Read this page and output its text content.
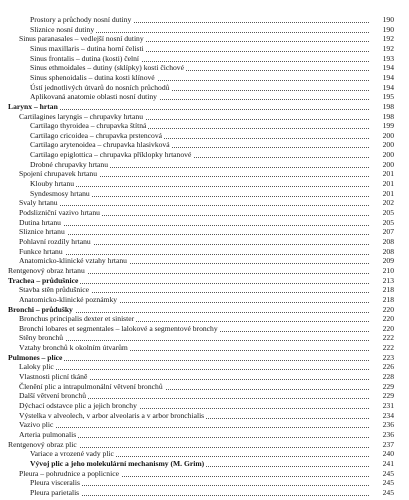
Prostory a průchody nosní dutiny	190
Sliznice nosní dutiny	190
Sinus paranasales – vedlejší nosní dutiny	192
Sinus maxillaris – dutina horní čelisti	192
Sinus frontalis – dutina (kosti) čelní	193
Sinus ethmoidales – dutiny (sklípky) kosti čichové	194
Sinus sphenoidalis – dutina kosti klínové	194
Ústí jednotlivých útvarů do nosních průchodů	194
Aplikovaná anatomie oblasti nosní dutiny	195
Larynx – hrtan	198
Cartilagines laryngis – chrupavky hrtanu	198
Cartilago thyroidea – chrupavka štítná	199
Cartilago cricoidea – chrupavka prstencová	200
Cartilago arytenoidea – chrupavka hlasivková	200
Cartilago epiglottica – chrupavka příklopky hrtanové	200
Drobné chrupavky hrtanu	200
Spojení chrupavek hrtanu	201
Klouby hrtanu	201
Syndesmosy hrtanu	201
Svaly hrtanu	202
Podslizniční vazivo hrtanu	205
Dutina hrtanu	205
Sliznice hrtanu	207
Pohlavní rozdíly hrtanu	208
Funkce hrtanu	208
Anatomicko-klinické vztahy hrtanu	209
Rentgenový obraz hrtanu	210
Trachea – průdušnice	213
Stavba stěn průdušnice	218
Anatomicko-klinické poznámky	218
Bronchi – průdušky	220
Bronchus principalis dexter et sinister	220
Bronchi lobares et segmentales – lalokové a segmentové bronchy	220
Stěny bronchů	222
Vztahy bronchů k okolním útvarům	222
Pulmones – plíce	223
Laloky plic	226
Vlastnosti plicní tkáně	228
Členění plic a intrapulmonální větvení bronchů	229
Další větvení bronchů	229
Dýchací odstavce plic a jejich bronchy	231
Výstelka v alveolech, v arbor alveolaris a v arbor bronchialis	234
Vazivo plic	236
Arteria pulmonalis	236
Rentgenový obraz plic	237
Variace a vrozené vady plic	240
Vývoj plic a jeho molekulární mechanismy (M. Grim)	241
Pleura – pohrudnice a poplicnice	245
Pleura visceralis	245
Pleura parietalis	245
